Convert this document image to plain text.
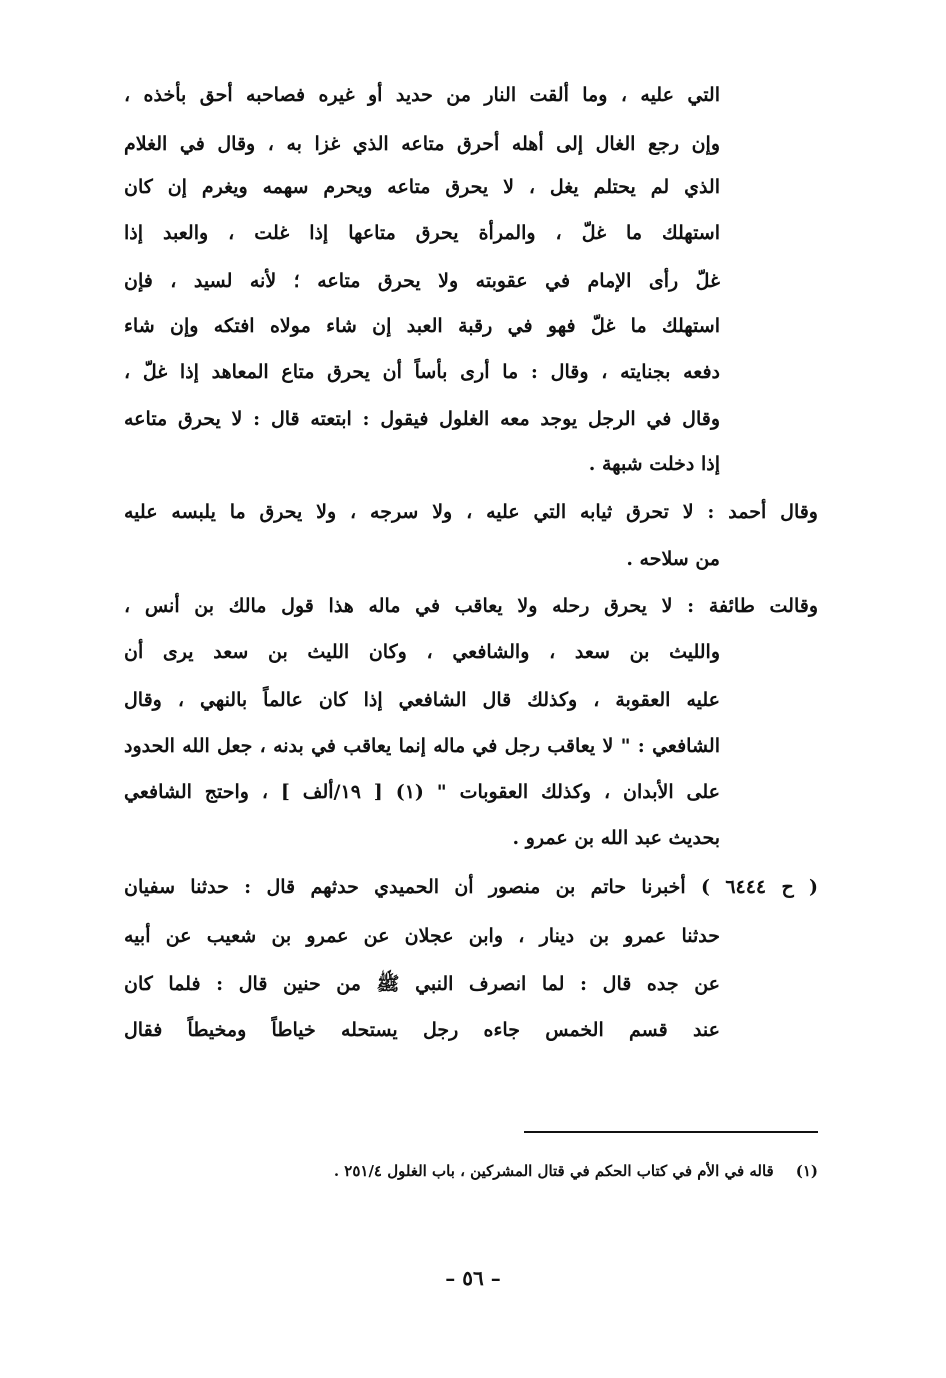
التي عليه ، وما ألقت النار من حديد أو غيره فصاحبه أحق بأخذه ،
وإن رجع الغال إلى أهله أحرق متاعه الذي غزا به ، وقال في الغلام
الذي لم يحتلم يغل ، لا يحرق متاعه ويحرم سهمه ويغرم إن كان
استهلك ما غلّ ، والمرأة يحرق متاعها إذا غلت ، والعبد إذا
غلّ رأى الإمام في عقوبته ولا يحرق متاعه ؛ لأنه لسيد ، فإن
استهلك ما غلّ فهو في رقبة العبد إن شاء مولاه افتكه وإن شاء
دفعه بجنايته ، وقال : ما أرى بأساً أن يحرق متاع المعاهد إذا غلّ ،
وقال في الرجل يوجد معه الغلول فيقول : ابتعته قال : لا يحرق متاعه
إذا دخلت شبهة .
وقال أحمد : لا تحرق ثيابه التي عليه ، ولا سرجه ، ولا يحرق ما يلبسه عليه
من سلاحه .
وقالت طائفة : لا يحرق رحله ولا يعاقب في ماله هذا قول مالك بن أنس ،
والليث بن سعد ، والشافعي ، وكان الليث بن سعد يرى أن
عليه العقوبة ، وكذلك قال الشافعي إذا كان عالماً بالنهي ، وقال
الشافعي : " لا يعاقب رجل في ماله إنما يعاقب في بدنه ، جعل الله الحدود
على الأبدان ، وكذلك العقوبات " (١) [ ١٩/ألف ] ، واحتج الشافعي
بحديث عبد الله بن عمرو .
( ح ٦٤٤٤ ) أخبرنا حاتم بن منصور أن الحميدي حدثهم قال : حدثنا سفيان
حدثنا عمرو بن دينار ، وابن عجلان عن عمرو بن شعيب عن أبيه
عن جده قال : لما انصرف النبي ﷺ من حنين قال : فلما كان
عند قسم الخمس جاءه رجل يستحله خياطاً ومخيطاً فقال
(١)قاله في الأم في كتاب الحكم في قتال المشركين ، باب الغلول ٢٥١/٤ .
– ٥٦ –
